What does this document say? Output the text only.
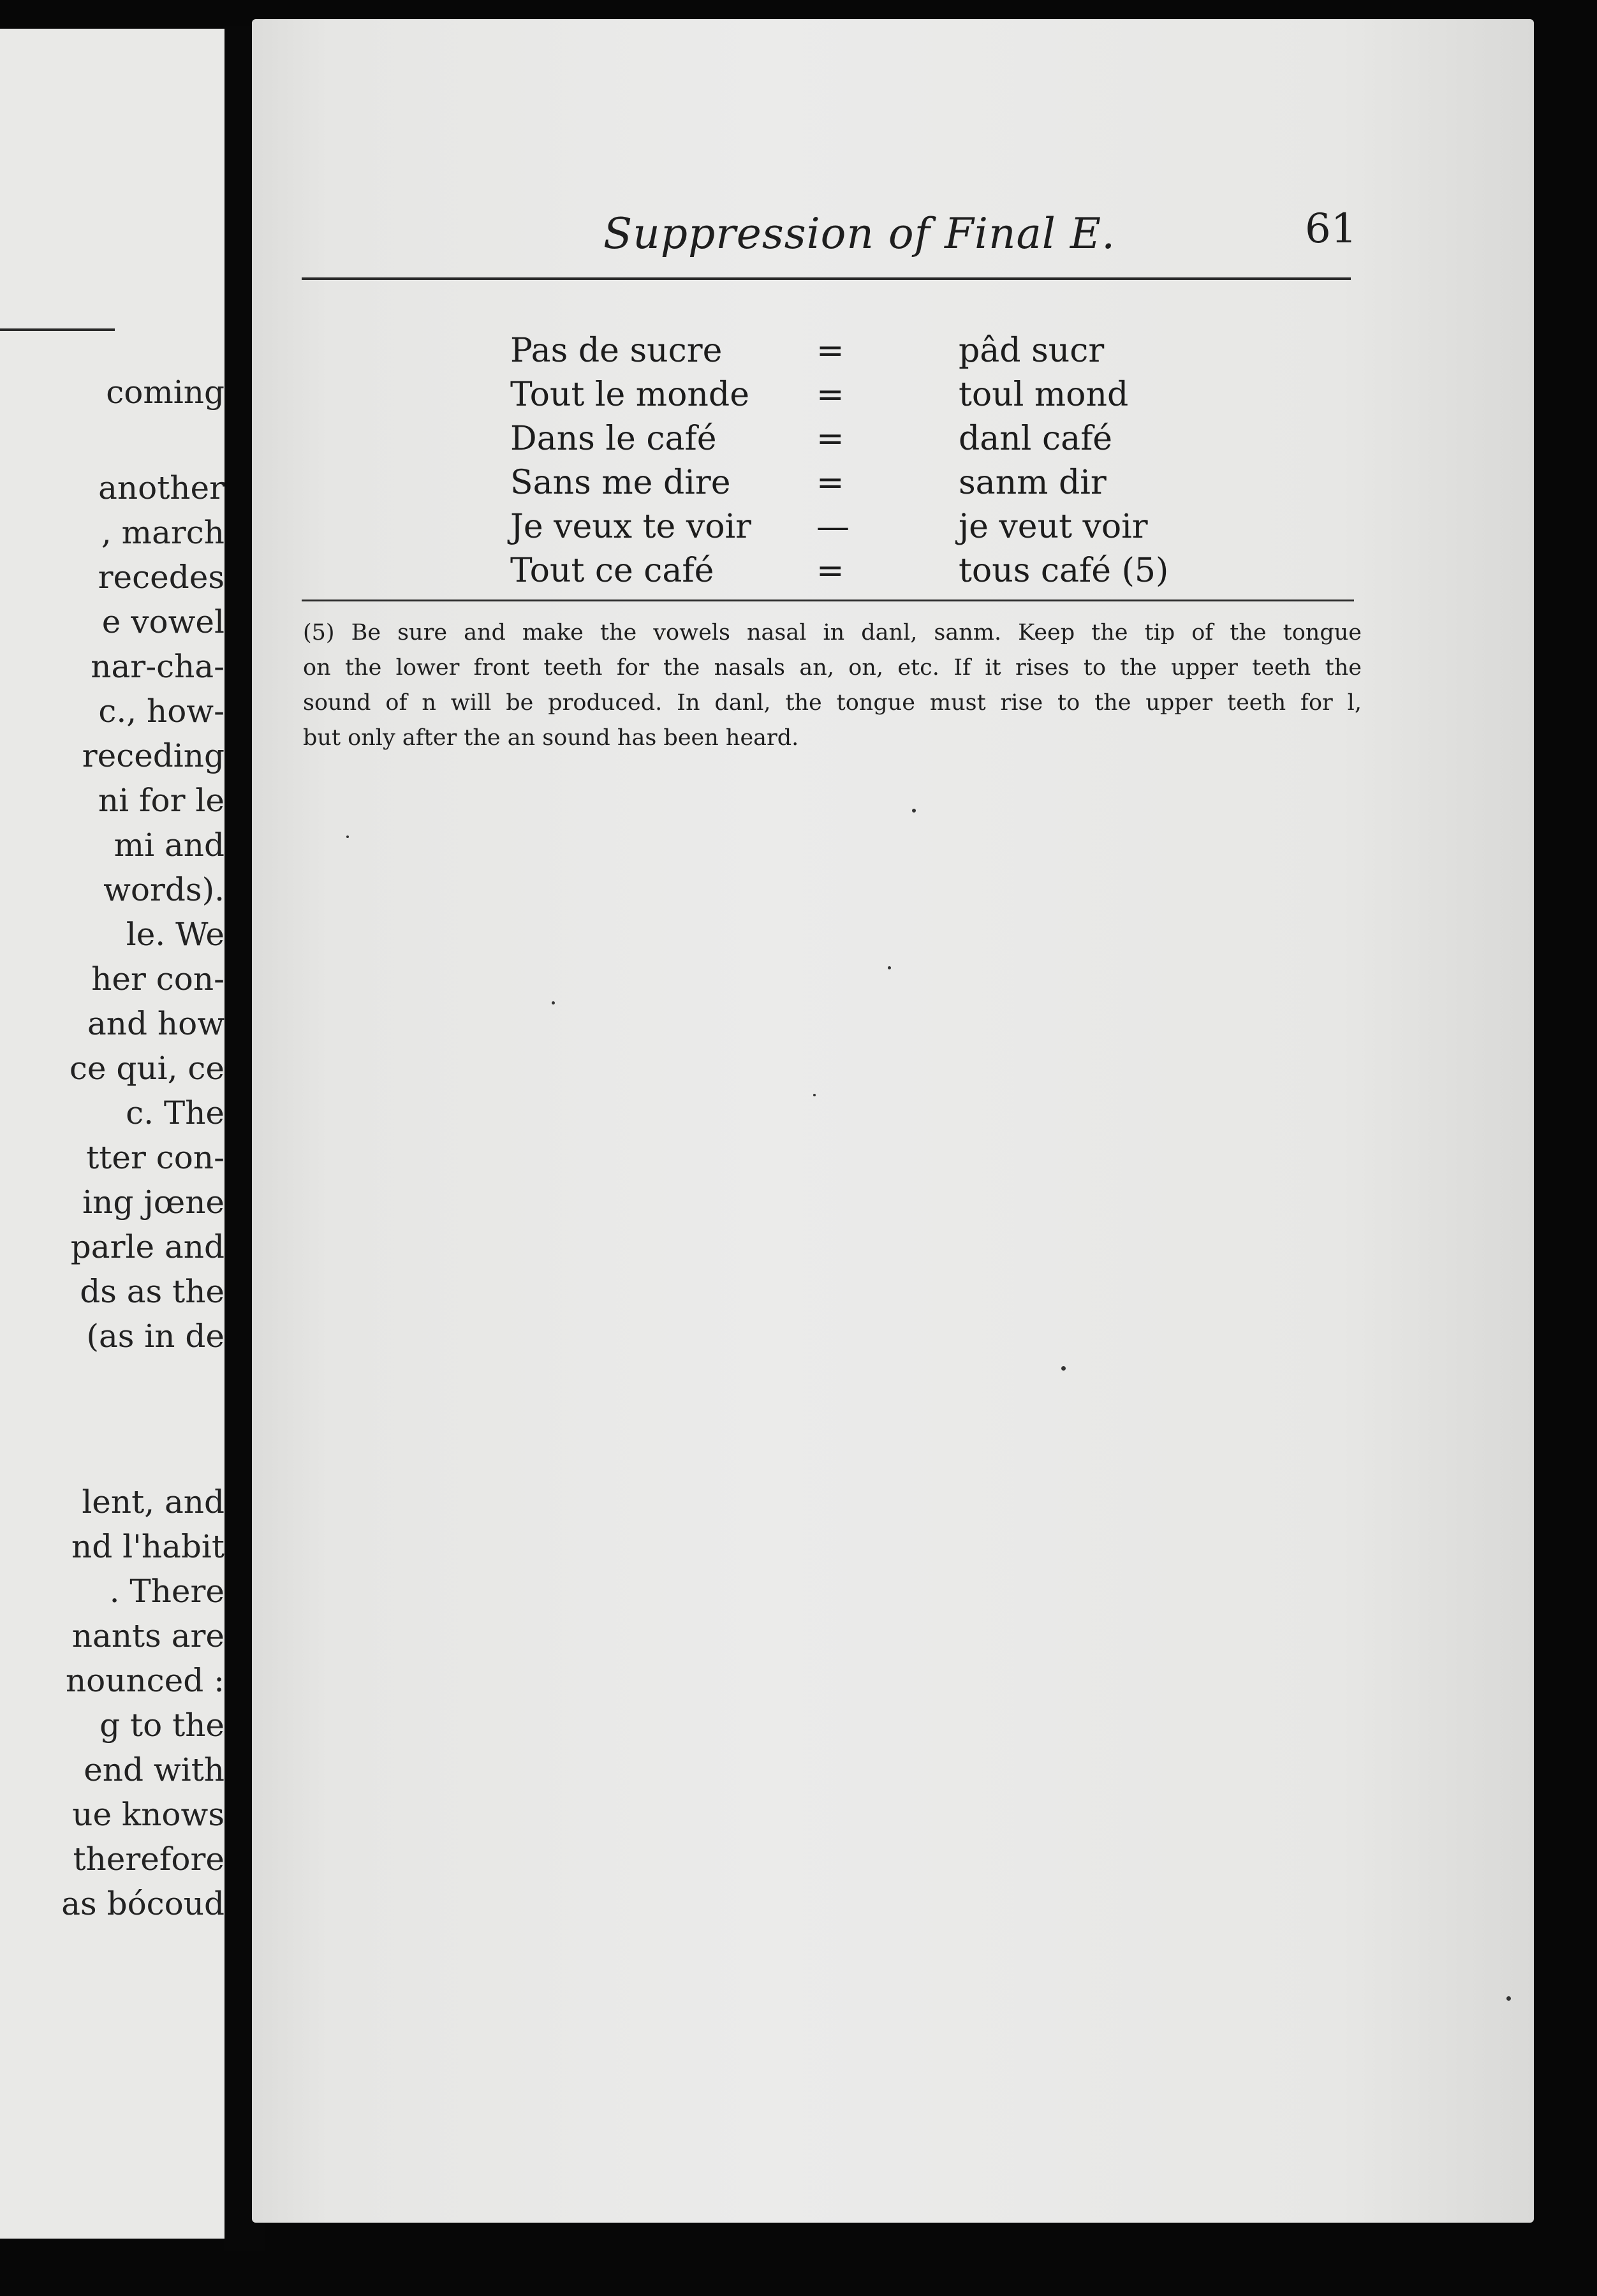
coming
another
, march
recedes
e vowel
nar-cha-
c., how-
receding
ni for le
mi and
words).
le. We
her con-
and how
ce qui, ce
c. The
tter con-
ing jœne
parle and
ds as the
(as in de
lent, and
nd l'habit
. There
nants are
nounced :
g to the
end with
ue knows
therefore
as bócoud
Suppression of Final E.	61
Pas de sucre	=	pâd sucr
Tout le monde =	toul mond
Dans le café	=	danl café
Sans me dire	=	sanm dir
Je veux te voir —	je veut voir
Tout ce café	=	tous café (5)
(5) Be sure and make the vowels nasal in danl, sanm. Keep the tip of the tongue
on the lower front teeth for the nasals an, on, etc. If it rises to the upper teeth the
sound of n will be produced. In danl, the tongue must rise to the upper teeth for l,
but only after the an sound has been heard.
